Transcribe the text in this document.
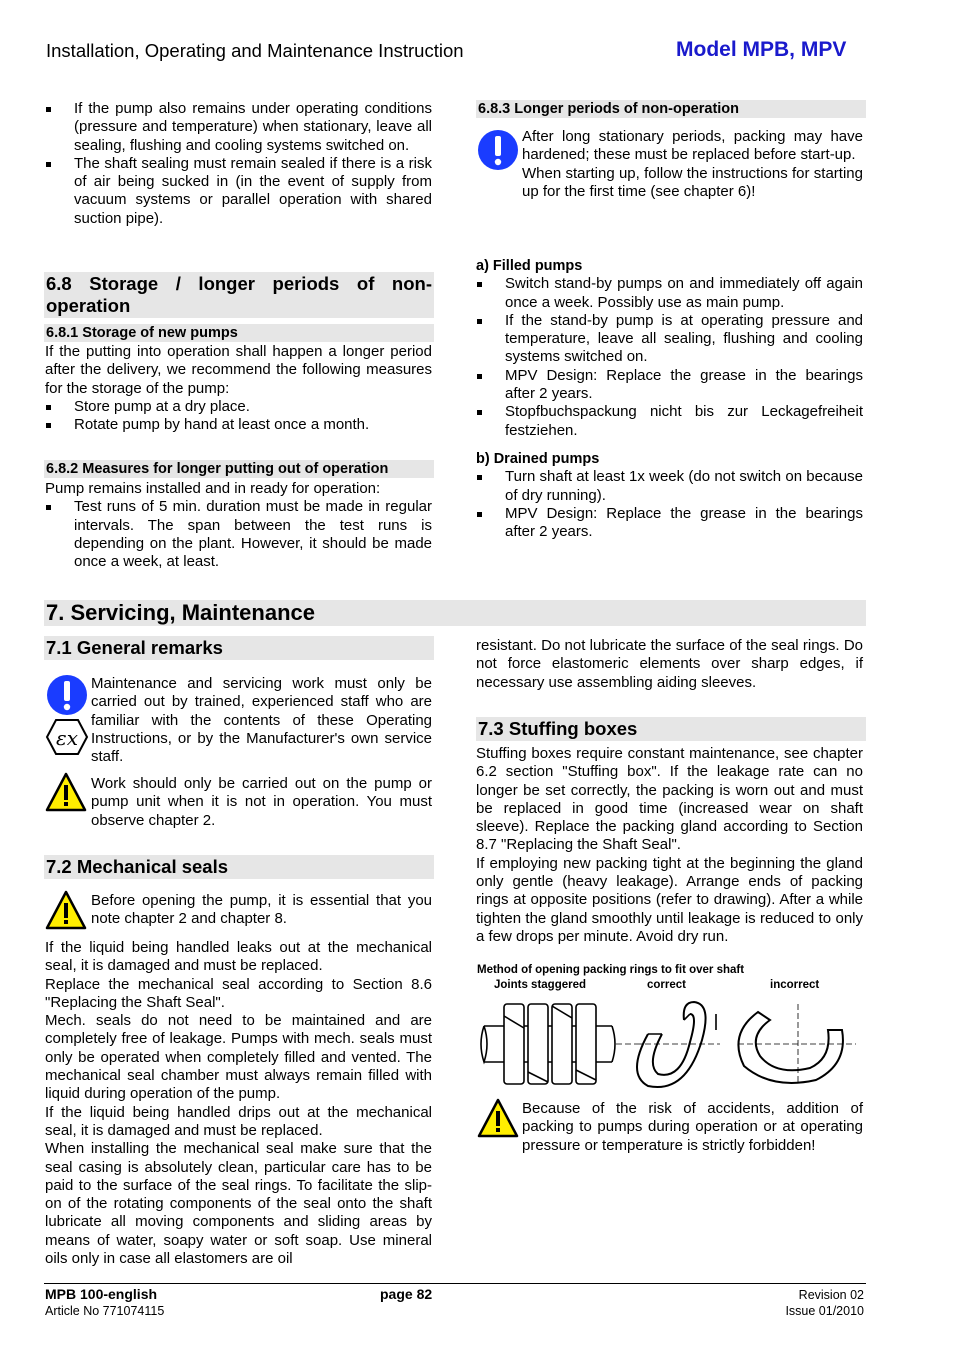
Installation, Operating and Maintenance Instruction	Model MPB, MPV
If the pump also remains under operating conditions (pressure and temperature) when stationary, leave all sealing, flushing and cooling systems switched on.
The shaft sealing must remain sealed if there is a risk of air being sucked in (in the event of supply from vacuum systems or parallel operation with shared suction pipe).
6.8 Storage / longer periods of non-operation
6.8.1 Storage of new pumps
If the putting into operation shall happen a longer period after the delivery, we recommend the following measures for the storage of the pump:
Store pump at a dry place.
Rotate pump by hand at least once a month.
6.8.2 Measures for longer putting out of operation
Pump remains installed and in ready for operation:
Test runs of 5 min. duration must be made in regular intervals. The span between the test runs is depending on the plant. However, it should be made once a week, at least.
6.8.3 Longer periods of non-operation
After long stationary periods, packing may have hardened; these must be replaced before start-up.
When starting up, follow the instructions for starting up for the first time (see chapter 6)!
a) Filled pumps
Switch stand-by pumps on and immediately off again once a week. Possibly use as main pump.
If the stand-by pump is at operating pressure and temperature, leave all sealing, flushing and cooling systems switched on.
MPV Design: Replace the grease in the bearings after 2 years.
Stopfbuchspackung nicht bis zur Leckagefreiheit festziehen.
b) Drained pumps
Turn shaft at least 1x week (do not switch on because of dry running).
MPV Design: Replace the grease in the bearings after 2 years.
7. Servicing, Maintenance
7.1 General remarks
εx
Maintenance and servicing work must only be carried out by trained, experienced staff who are familiar with the contents of these Operating Instructions, or by the Manufacturer's own service staff.
Work should only be carried out on the pump or pump unit when it is not in operation. You must observe chapter 2.
7.2 Mechanical seals
Before opening the pump, it is essential that you note chapter 2 and chapter 8.
If the liquid being handled leaks out at the mechanical seal, it is damaged and must be replaced.
Replace the mechanical seal according to Section 8.6 "Replacing the Shaft Seal".
Mech. seals do not need to be maintained and are completely free of leakage. Pumps with mech. seals must only be operated when completely filled and vented. The mechanical seal chamber must always remain filled with liquid during operation of the pump.
If the liquid being handled drips out at the mechanical seal, it is damaged and must be replaced.
When installing the mechanical seal make sure that the seal casing is absolutely clean, particular care has to be paid to the surface of the seal rings. To facilitate the slip-on of the rotating components of the seal onto the shaft lubricate all moving components and sliding areas by means of water, soapy water or soft soap. Use mineral oils only in case all elastomers are oil
resistant. Do not lubricate the surface of the seal rings. Do not force elastomeric elements over sharp edges, if necessary use assembling aiding sleeves.
7.3 Stuffing boxes
Stuffing boxes require constant maintenance, see chapter 6.2 section "Stuffing box". If the leakage rate can no longer be set correctly, the packing is worn out and must be replaced in good time (increased wear on shaft sleeve). Replace the packing gland according to Section 8.7 "Replacing the Shaft Seal".
If employing new packing tight at the beginning the gland only gentle (heavy leakage). Arrange ends of packing rings at opposite positions (refer to drawing). After a while tighten the gland smoothly until leakage is reduced to only a few drops per minute. Avoid dry run.
Method of opening packing rings to fit over shaft
Joints staggered	correct	incorrect
Because of the risk of accidents, addition of packing to pumps during operation or at operating pressure or temperature is strictly forbidden!
MPB 100-english
Article No 771074115
page 82	Revision 02
Issue 01/2010
